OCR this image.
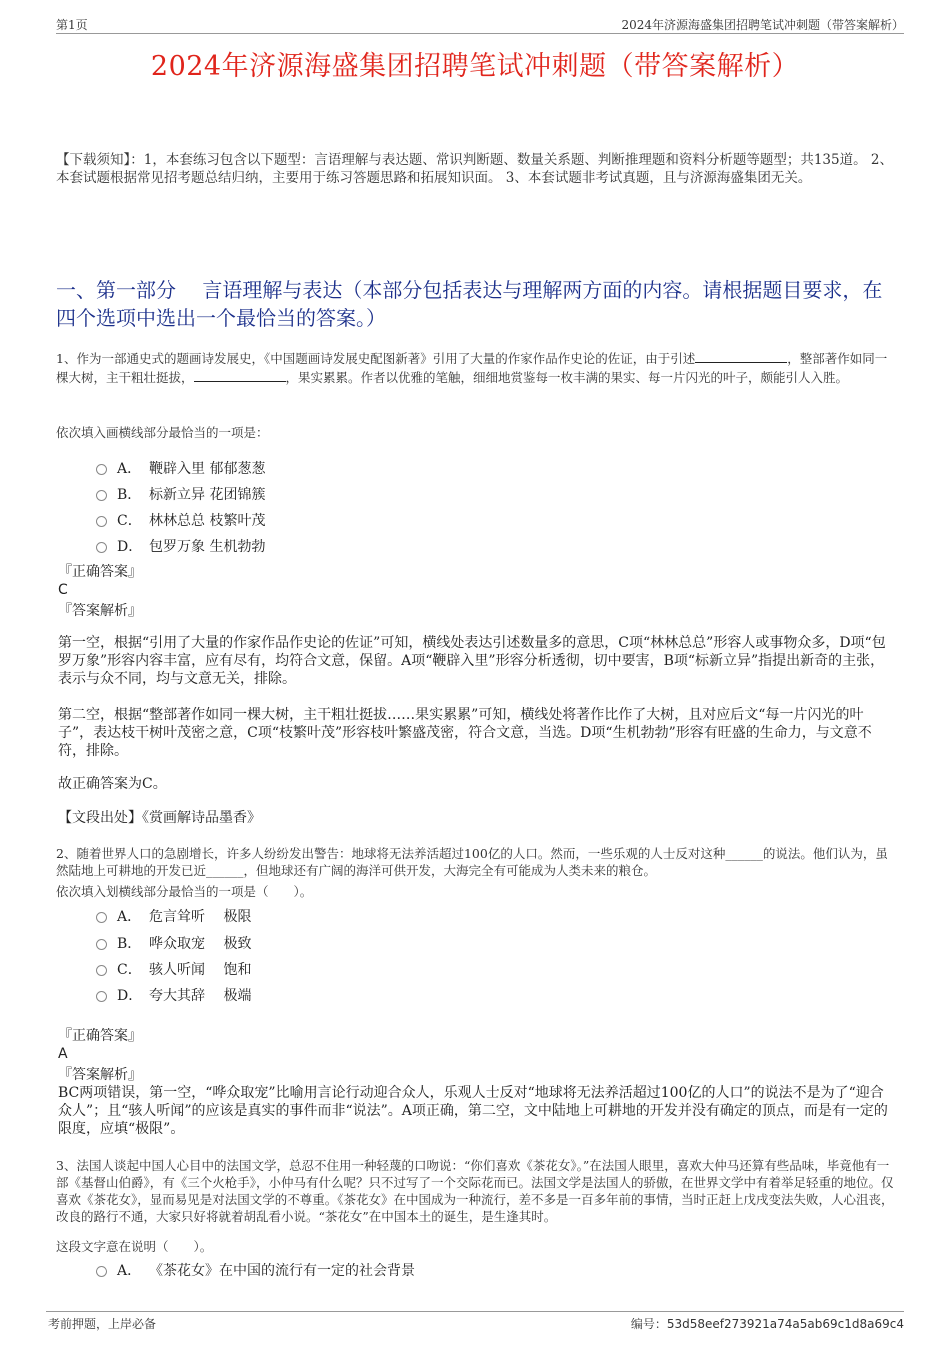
第1页	2024年济源海盛集团招聘笔试冲刺题（带答案解析）
2024年济源海盛集团招聘笔试冲刺题（带答案解析）
【下载须知】：1，本套练习包含以下题型：言语理解与表达题、常识判断题、数量关系题、判断推理题和资料分析题等题型；共135道。 2、本套试题根据常见招考题总结归纳，主要用于练习答题思路和拓展知识面。 3、本套试题非考试真题，且与济源海盛集团无关。
一、第一部分　 言语理解与表达（本部分包括表达与理解两方面的内容。请根据题目要求，在四个选项中选出一个最恰当的答案。）
1、作为一部通史式的题画诗发展史，《中国题画诗发展史配图新著》引用了大量的作家作品作史论的佐证，由于引述	，整部著作如同一棵大树，主干粗壮挺拔，	，果实累累。作者以优雅的笔触，细细地赏鉴每一枚丰满的果实、每一片闪光的叶子，颇能引人入胜。
依次填入画横线部分最恰当的一项是：
A． 鞭辟入里 郁郁葱葱
B． 标新立异 花团锦簇
C． 林林总总 枝繁叶茂
D． 包罗万象 生机勃勃
『正确答案』
C
『答案解析』
第一空，根据“引用了大量的作家作品作史论的佐证”可知，横线处表达引述数量多的意思，C项“林林总总”形容人或事物众多，D项“包罗万象”形容内容丰富，应有尽有，均符合文意，保留。A项“鞭辟入里”形容分析透彻，切中要害，B项“标新立异”指提出新奇的主张，表示与众不同，均与文意无关，排除。
第二空，根据“整部著作如同一棵大树，主干粗壮挺拔……果实累累”可知，横线处将著作比作了大树，且对应后文“每一片闪光的叶子”，表达枝干树叶茂密之意，C项“枝繁叶茂”形容枝叶繁盛茂密，符合文意，当选。D项“生机勃勃”形容有旺盛的生命力，与文意不符，排除。
故正确答案为C。
【文段出处】《赏画解诗品墨香》
2、随着世界人口的急剧增长，许多人纷纷发出警告：地球将无法养活超过100亿的人口。然而，一些乐观的人士反对这种______的说法。他们认为，虽然陆地上可耕地的开发已近______，但地球还有广阔的海洋可供开发，大海完全有可能成为人类未来的粮仓。
依次填入划横线部分最恰当的一项是（　　）。
A． 危言耸听　 极限
B． 哗众取宠　 极致
C． 骇人听闻　 饱和
D． 夸大其辞　 极端
『正确答案』
A
『答案解析』
BC两项错误，第一空，“哗众取宠”比喻用言论行动迎合众人，乐观人士反对“地球将无法养活超过100亿的人口”的说法不是为了“迎合众人”；且“骇人听闻”的应该是真实的事件而非“说法”。A项正确，第二空，文中陆地上可耕地的开发并没有确定的顶点，而是有一定的限度，应填“极限”。
3、法国人谈起中国人心目中的法国文学，总忍不住用一种轻蔑的口吻说：“你们喜欢《茶花女》。”在法国人眼里，喜欢大仲马还算有些品味，毕竟他有一部《基督山伯爵》，有《三个火枪手》，小仲马有什么呢？只不过写了一个交际花而已。法国文学是法国人的骄傲，在世界文学中有着举足轻重的地位。仅喜欢《茶花女》，显而易见是对法国文学的不尊重。《茶花女》在中国成为一种流行，差不多是一百多年前的事情，当时正赶上戊戌变法失败，人心沮丧，改良的路行不通，大家只好将就着胡乱看小说。“茶花女”在中国本土的诞生，是生逢其时。
这段文字意在说明（　　）。
A． 《茶花女》在中国的流行有一定的社会背景
考前押题，上岸必备	编号：53d58eef273921a74a5ab69c1d8a69c4
